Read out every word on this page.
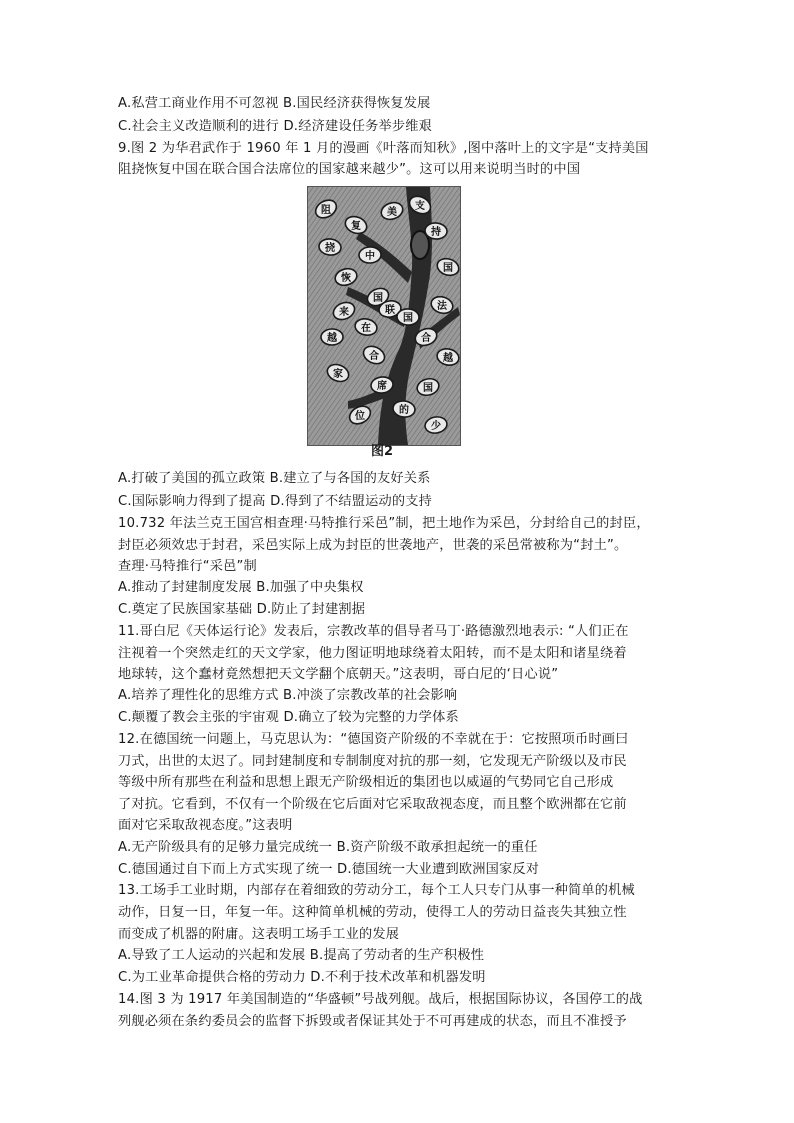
A.私营工商业作用不可忽视 B.国民经济获得恢复发展
C.社会主义改造顺利的进行 D.经济建设任务举步维艰
9.图 2 为华君武作于 1960 年 1 月的漫画《叶落而知秋》,图中落叶上的文字是“支持美国
阻挠恢复中国在联合国合法席位的国家越来越少”。这可以用来说明当时的中国
阻
挠
恢
复
中
国
在
联
合
国
合
法
席
位
的
国
家
越
来
越
少
支
持
美
国
图2
A.打破了美国的孤立政策 B.建立了与各国的友好关系
C.国际影响力得到了提高 D.得到了不结盟运动的支持
10.732 年法兰克王国宫相查理·马特推行采邑”制，把土地作为采邑，分封给自己的封臣，
封臣必须效忠于封君，采邑实际上成为封臣的世袭地产，世袭的采邑常被称为“封土”。
查理·马特推行“采邑”制
A.推动了封建制度发展 B.加强了中央集权
C.奠定了民族国家基础 D.防止了封建割据
11.哥白尼《天体运行论》发表后，宗教改革的倡导者马丁·路德激烈地表示: “人们正在
注视着一个突然走红的天文学家，他力图证明地球绕着太阳转，而不是太阳和诸星绕着
地球转，这个蠢材竟然想把天文学翻个底朝天。”这表明，哥白尼的‘日心说”
A.培养了理性化的思维方式 B.冲淡了宗教改革的社会影响
C.颠覆了教会主张的宇宙观 D.确立了较为完整的力学体系
12.在德国统一问题上，马克思认为：“德国资产阶级的不幸就在于：它按照项币时画曰
刀式，出世的太迟了。同封建制度和专制制度对抗的那一刻，它发现无产阶级以及市民
等级中所有那些在利益和思想上跟无产阶级相近的集团也以威逼的气势同它自己形成
了对抗。它看到，不仅有一个阶级在它后面对它采取敌视态度，而且整个欧洲都在它前
面对它采取敌视态度。”这表明
A.无产阶级具有的足够力量完成统一 B.资产阶级不敢承担起统一的重任
C.德国通过自下而上方式实现了统一 D.德国统一大业遭到欧洲国家反对
13.工场手工业时期，内部存在着细致的劳动分工，每个工人只专门从事一种简单的机械
动作，日复一日，年复一年。这种简单机械的劳动，使得工人的劳动日益丧失其独立性
而变成了机器的附庸。这表明工场手工业的发展
A.导致了工人运动的兴起和发展 B.提高了劳动者的生产积极性
C.为工业革命提供合格的劳动力 D.不利于技术改革和机器发明
14.图 3 为 1917 年美国制造的“华盛顿”号战列舰。战后，根据国际协议，各国停工的战
列舰必须在条约委员会的监督下拆毁或者保证其处于不可再建成的状态，而且不准授予
